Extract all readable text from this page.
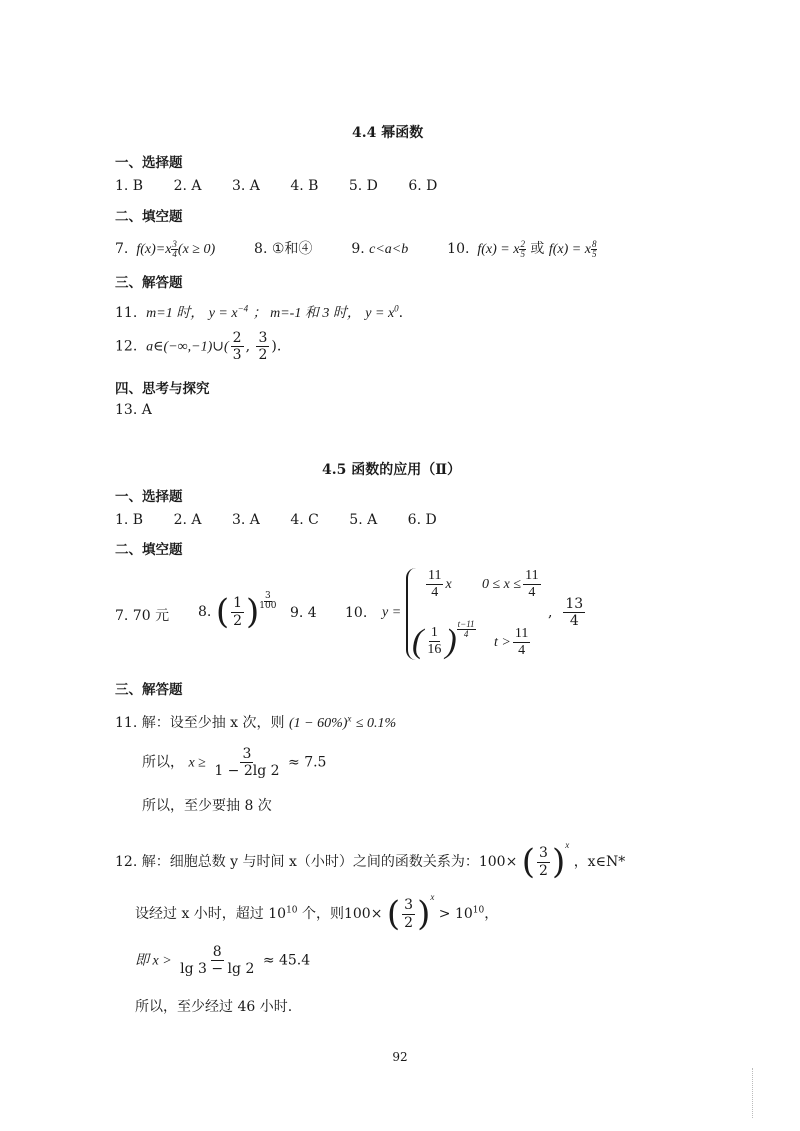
4.4 幂函数
一、选择题
1. B 2. A 3. A 4. B 5. D 6. D
二、填空题
7.  $f(x)=x \frac{3}{4} (x \ge 0)$	8. ①和④	9. c<a<b	10.  f(x) = x $\frac{2}{5}$ 或 f(x) = x $\frac{8}{5}$
三、解答题
11. m=1 时， $y = x^{-4}$ ； m=-1 和 3 时， $y = x^0$.
12. a∈(−∞,−1)∪( $\frac{2}{3}$ , $\frac{3}{2}$ ).
四、思考与探究
13. A
4.5 函数的应用（Ⅱ）
一、选择题
1. B 2. A 3. A 4. C 5. A 6. D
二、填空题
7. 70 元 8. ( $\frac{1}{2}$ ) $\frac{3}{100}$
9. 4 10. y =
$\frac{11}{4}$ x $0 \le x \le \frac{11}{4}$
( $\frac{1}{16}$ ) $\frac{t-11}{4}$
$t > \frac{11}{4}$
, $\frac{13}{4}$
三、解答题
11. 解：设至少抽 x 次，则 $(1 - 60\%)^x \le 0.1\%$
所以， $x \ge \frac{3}{1 - 2\lg 2} \approx 7.5$
所以，至少要抽 8 次
12. 解：细胞总数 y 与时间 x（小时）之间的函数关系为：100× ( $\frac{3}{2} )^x$ ，x∈N*
设经过 x 小时，超过 $10^{10}$ 个，则100× ( $\frac{3}{2} )^x > 10^{10}$，
即 $x > \frac{8}{\lg 3 - \lg 2} \approx 45.4$
所以，至少经过 46 小时.
92
